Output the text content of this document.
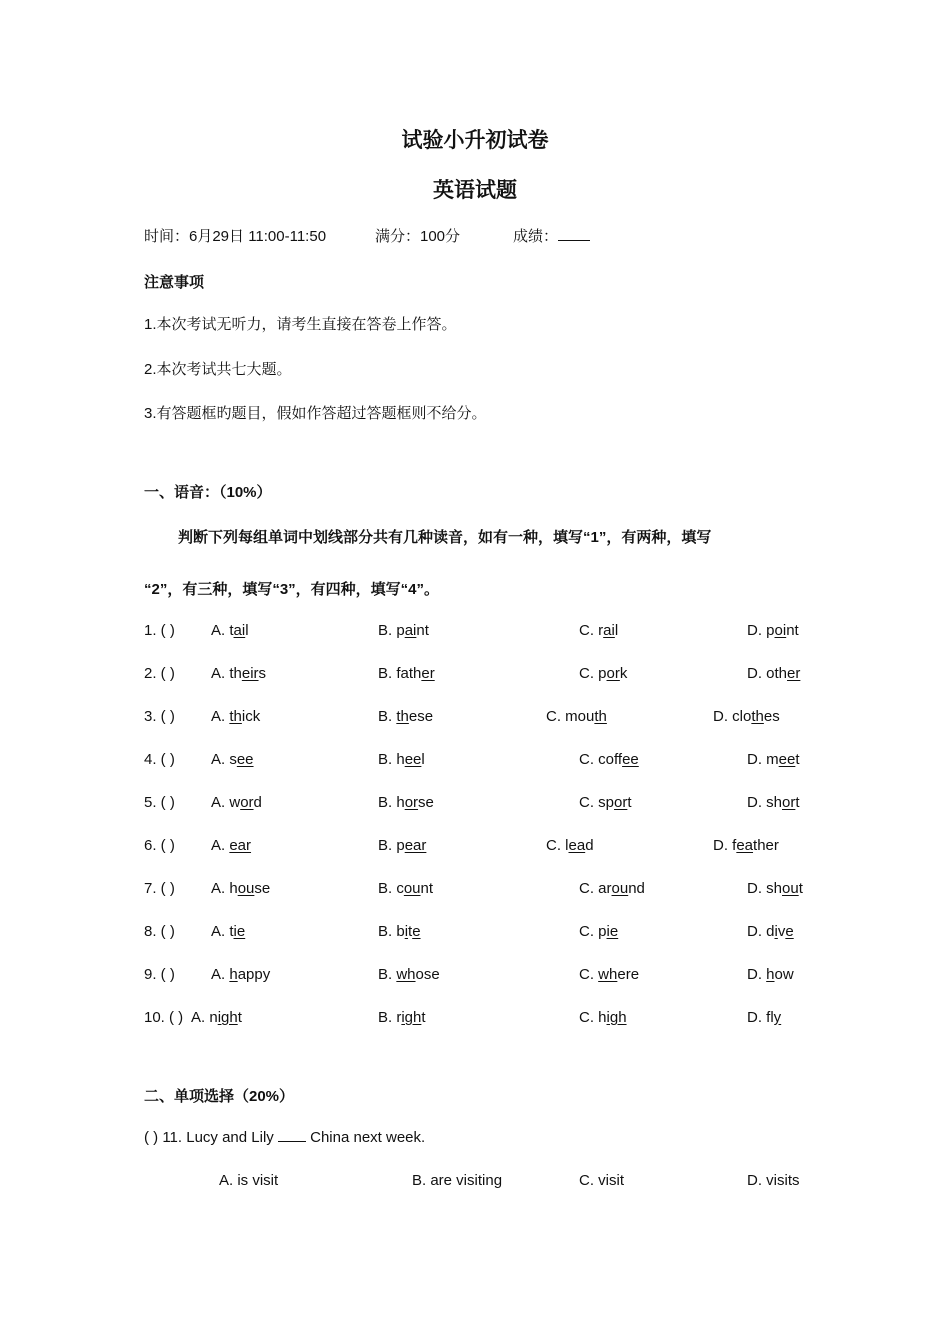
试验小升初试卷
英语试题
时间：6月29日 11:00-11:50	满分：100分	成绩：
注意事项
1.本次考试无听力，请考生直接在答卷上作答。
2.本次考试共七大题。
3.有答题框旳题目，假如作答超过答题框则不给分。
一、语音：（10%）
判断下列每组单词中划线部分共有几种读音，如有一种，填写“1”，有两种，填写
“2”，有三种，填写“3”，有四种，填写“4”。
1. ( ) A. tail	B. paint	C. rail	D. point
2. ( ) A. theirs	B. father	C. pork	D. other
3. ( ) A. thick	B. these	C. mouth	D. clothes
4. ( ) A. see	B. heel	C. coffee	D. meet
5. ( ) A. word	B. horse	C. sport	D. short
6. ( ) A. ear	B. pear	C. lead	D. feather
7. ( ) A. house	B. count	C. around	D. shout
8. ( ) A. tie	B. bite	C. pie	D. dive
9. ( ) A. happy	B. whose	C. where	D. how
10. ( ) A. night	B. right	C. high	D. fly
二、单项选择（20%）
( ) 11. Lucy and Lily  China next week.
A. is visit	B. are visiting	C. visit	D. visits
